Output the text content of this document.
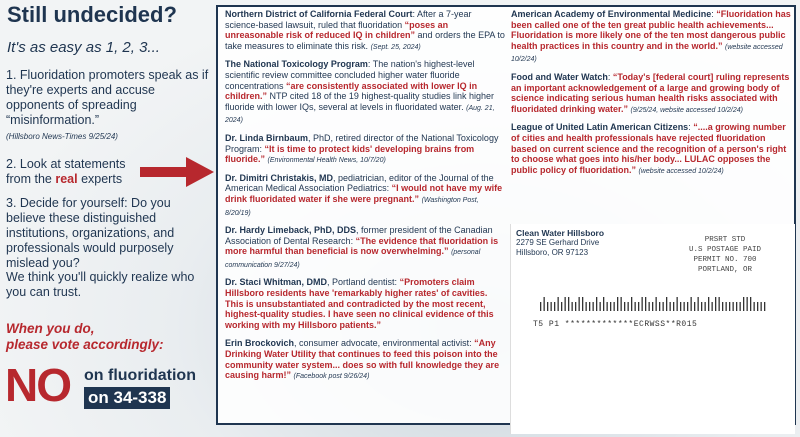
Still undecided?
It's as easy as 1, 2, 3...
1. Fluoridation promoters speak as if they're experts and accuse opponents of spreading “misinformation.”
(Hillsboro News-Times 9/25/24)
2. Look at statements from the real experts
3. Decide for yourself: Do you believe these distinguished institutions, organizations, and professionals would purposely mislead you?
We think you'll quickly realize who you can trust.
When you do,
please vote accordingly:
NO on fluoridation
on 34-338
Northern District of California Federal Court: After a 7-year science-based lawsuit, ruled that fluoridation “poses an unreasonable risk of reduced IQ in children” and orders the EPA to take measures to eliminate this risk. (Sept. 25, 2024)
The National Toxicology Program: The nation's highest-level scientific review committee concluded higher water fluoride concentrations “are consistently associated with lower IQ in children.” NTP cited 18 of the 19 highest-quality studies link higher fluoride with lower IQs, several at levels in fluoridated water. (Aug. 21, 2024)
Dr. Linda Birnbaum, PhD, retired director of the National Toxicology Program: “It is time to protect kids' developing brains from fluoride.” (Environmental Health News, 10/7/20)
Dr. Dimitri Christakis, MD, pediatrician, editor of the Journal of the American Medical Association Pediatrics: “I would not have my wife drink fluoridated water if she were pregnant.” (Washington Post, 8/20/19)
Dr. Hardy Limeback, PhD, DDS, former president of the Canadian Association of Dental Research: “The evidence that fluoridation is more harmful than beneficial is now overwhelming.” (personal communication 9/27/24)
Dr. Staci Whitman, DMD, Portland dentist: “Promoters claim Hillsboro residents have 'remarkably higher rates' of cavities. This is unsubstantiated and contradicted by the most recent, highest-quality studies. I have seen no clinical evidence of this working with my Hillsboro patients.”
Erin Brockovich, consumer advocate, environmental activist: “Any Drinking Water Utility that continues to feed this poison into the community water system... does so with full knowledge they are causing harm!” (Facebook post 9/26/24)
American Academy of Environmental Medicine: “Fluoridation has been called one of the ten great public health achievements... Fluoridation is more likely one of the ten most dangerous public health practices in this country and in the world.” (website accessed 10/2/24)
Food and Water Watch: “Today's [federal court] ruling represents an important acknowledgement of a large and growing body of science indicating serious human health risks associated with fluoridated drinking water.” (9/25/24, website accessed 10/2/24)
League of United Latin American Citizens: “....a growing number of cities and health professionals have rejected fluoridation based on current science and the recognition of a person's right to choose what goes into his/her body... LULAC opposes the public policy of fluoridation.” (website accessed 10/2/24)
Clean Water Hillsboro
2279 SE Gerhard Drive
Hillsboro, OR 97123
PRSRT STD
U.S POSTAGE PAID
PERMIT NO. 700
PORTLAND, OR
T5 P1 *************ECRWSS**R015
